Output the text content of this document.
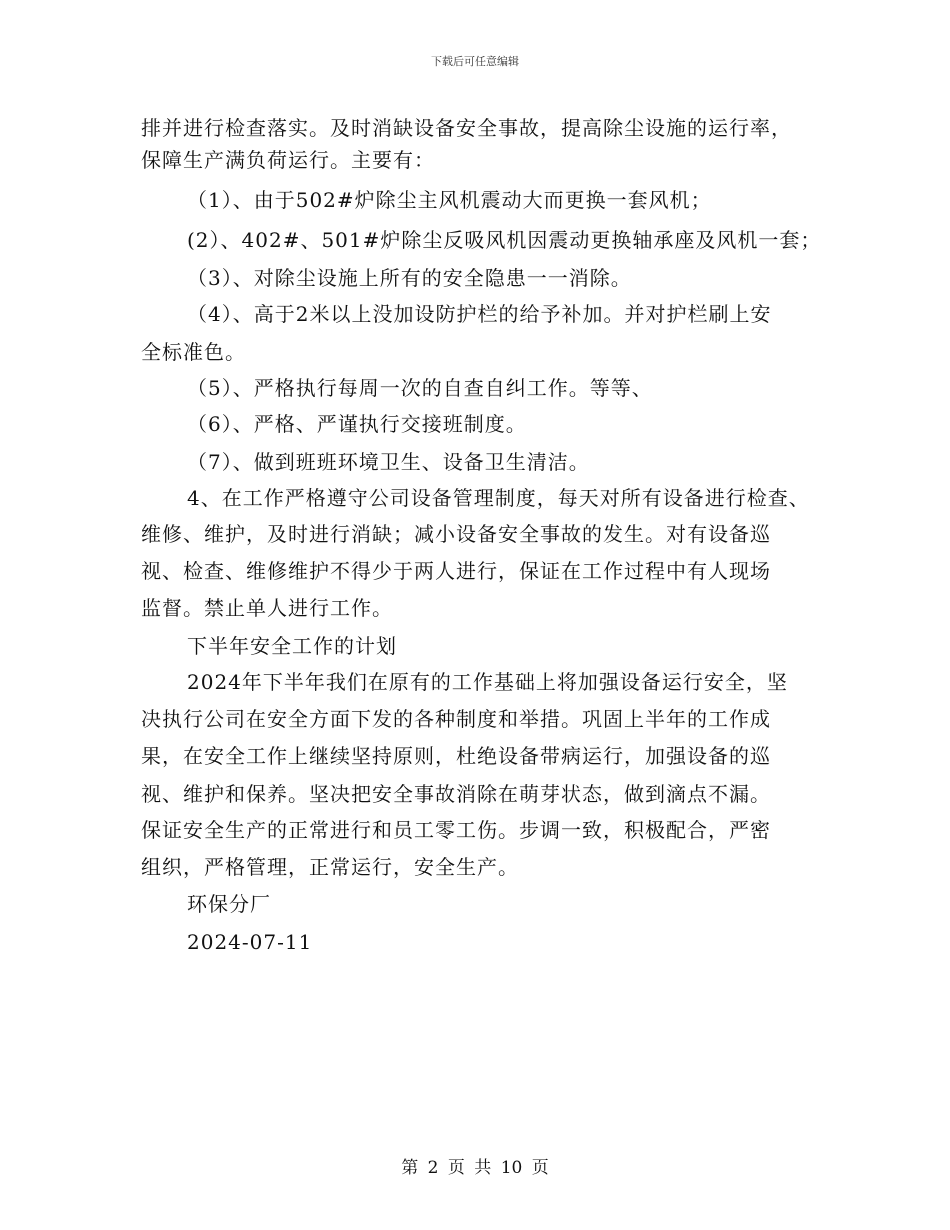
下载后可任意编辑
排并进行检查落实。及时消缺设备安全事故，提高除尘设施的运行率，
保障生产满负荷运行。主要有：
（1）、由于502#炉除尘主风机震动大而更换一套风机；
(2）、402#、501#炉除尘反吸风机因震动更换轴承座及风机一套；
（3）、对除尘设施上所有的安全隐患一一消除。
（4）、高于2米以上没加设防护栏的给予补加。并对护栏刷上安
全标准色。
（5）、严格执行每周一次的自查自纠工作。等等、
（6）、严格、严谨执行交接班制度。
（7）、做到班班环境卫生、设备卫生清洁。
4、在工作严格遵守公司设备管理制度，每天对所有设备进行检查、
维修、维护，及时进行消缺；减小设备安全事故的发生。对有设备巡
视、检查、维修维护不得少于两人进行，保证在工作过程中有人现场
监督。禁止单人进行工作。
下半年安全工作的计划
2024年下半年我们在原有的工作基础上将加强设备运行安全，坚
决执行公司在安全方面下发的各种制度和举措。巩固上半年的工作成
果，在安全工作上继续坚持原则，杜绝设备带病运行，加强设备的巡
视、维护和保养。坚决把安全事故消除在萌芽状态，做到滴点不漏。
保证安全生产的正常进行和员工零工伤。步调一致，积极配合，严密
组织，严格管理，正常运行，安全生产。
环保分厂
2024-07-11
第 2 页 共 10 页
